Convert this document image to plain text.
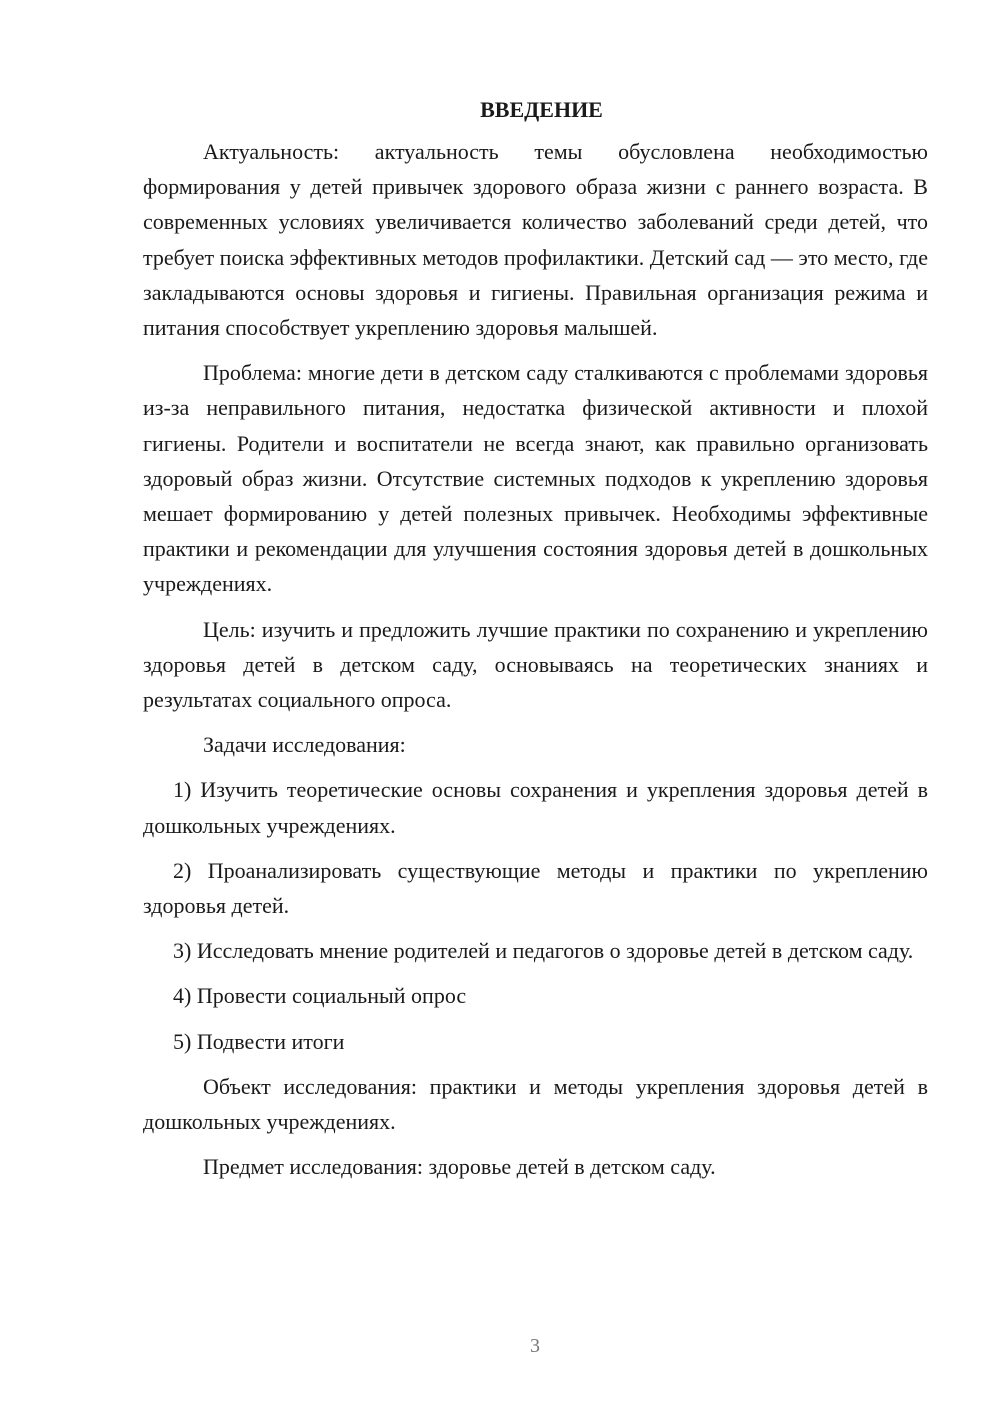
ВВЕДЕНИЕ

Актуальность: актуальность темы обусловлена необходимостью формирования у детей привычек здорового образа жизни с раннего возраста. В современных условиях увеличивается количество заболеваний среди детей, что требует поиска эффективных методов профилактики. Детский сад — это место, где закладываются основы здоровья и гигиены. Правильная организация режима и питания способствует укреплению здоровья малышей.

Проблема: многие дети в детском саду сталкиваются с проблемами здоровья из-за неправильного питания, недостатка физической активности и плохой гигиены. Родители и воспитатели не всегда знают, как правильно организовать здоровый образ жизни. Отсутствие системных подходов к укреплению здоровья мешает формированию у детей полезных привычек. Необходимы эффективные практики и рекомендации для улучшения состояния здоровья детей в дошкольных учреждениях.

Цель: изучить и предложить лучшие практики по сохранению и укреплению здоровья детей в детском саду, основываясь на теоретических знаниях и результатах социального опроса.

Задачи исследования:

1) Изучить теоретические основы сохранения и укрепления здоровья детей в дошкольных учреждениях.

2) Проанализировать существующие методы и практики по укреплению здоровья детей.

3) Исследовать мнение родителей и педагогов о здоровье детей в детском саду.

4) Провести социальный опрос

5) Подвести итоги

Объект исследования: практики и методы укрепления здоровья детей в дошкольных учреждениях.

Предмет исследования: здоровье детей в детском саду.

3
